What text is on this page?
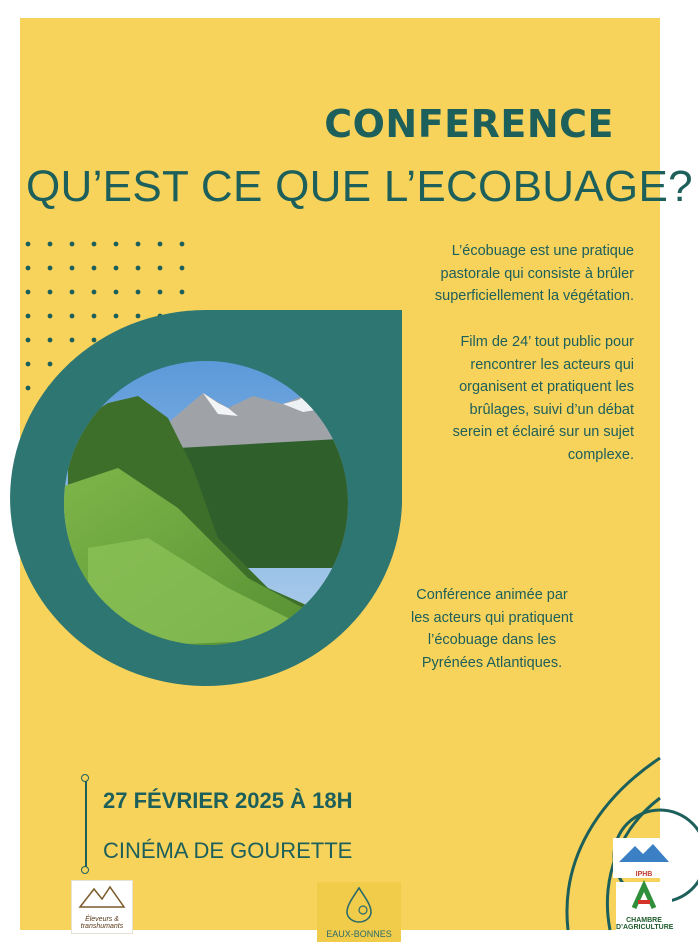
CONFERENCE
QU’EST CE QUE L’ECOBUAGE?
L’écobuage est une pratique
pastorale qui consiste à brûler
superficiellement la végétation.
Film de 24’ tout public pour
rencontrer les acteurs qui
organisent et pratiquent les
brûlages, suivi d’un débat
serein et éclairé sur un sujet
complexe.
Conférence animée par
les acteurs qui pratiquent
l’écobuage dans les
Pyrénées Atlantiques.
27 FÉVRIER 2025 À 18H
CINÉMA DE GOURETTE
Éleveurs & transhumants
EAUX-BONNES
IPHB
CHAMBRE D’AGRICULTURE
